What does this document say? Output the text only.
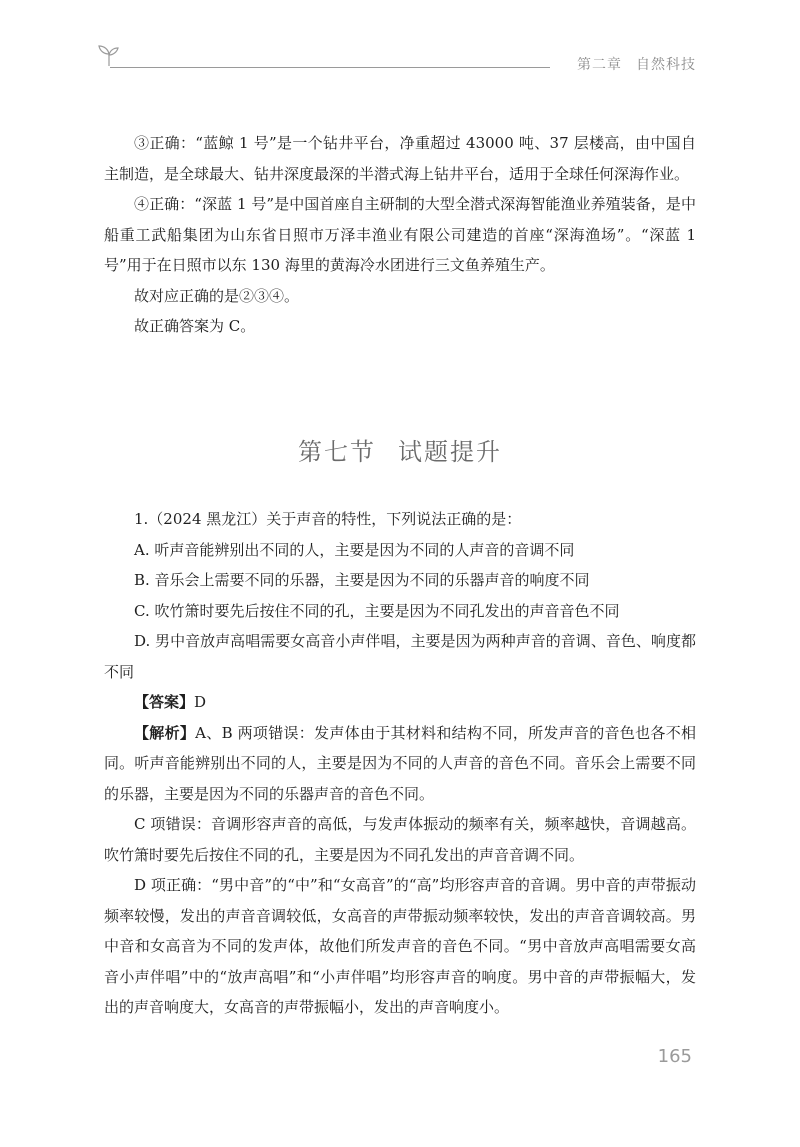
第二章 自然科技

③正确：“蓝鲸 1 号”是一个钻井平台，净重超过 43000 吨、37 层楼高，由中国自主制造，是全球最大、钻井深度最深的半潜式海上钻井平台，适用于全球任何深海作业。

④正确：“深蓝 1 号”是中国首座自主研制的大型全潜式深海智能渔业养殖装备，是中船重工武船集团为山东省日照市万泽丰渔业有限公司建造的首座“深海渔场”。“深蓝 1 号”用于在日照市以东 130 海里的黄海冷水团进行三文鱼养殖生产。

故对应正确的是②③④。

故正确答案为 C。

第七节 试题提升

1.（2024 黑龙江）关于声音的特性，下列说法正确的是：

A. 听声音能辨别出不同的人，主要是因为不同的人声音的音调不同

B. 音乐会上需要不同的乐器，主要是因为不同的乐器声音的响度不同

C. 吹竹箫时要先后按住不同的孔，主要是因为不同孔发出的声音音色不同

D. 男中音放声高唱需要女高音小声伴唱，主要是因为两种声音的音调、音色、响度都不同

【答案】D

【解析】A、B 两项错误：发声体由于其材料和结构不同，所发声音的音色也各不相同。听声音能辨别出不同的人，主要是因为不同的人声音的音色不同。音乐会上需要不同的乐器，主要是因为不同的乐器声音的音色不同。

C 项错误：音调形容声音的高低，与发声体振动的频率有关，频率越快，音调越高。吹竹箫时要先后按住不同的孔，主要是因为不同孔发出的声音音调不同。

D 项正确：“男中音”的“中”和“女高音”的“高”均形容声音的音调。男中音的声带振动频率较慢，发出的声音音调较低，女高音的声带振动频率较快，发出的声音音调较高。男中音和女高音为不同的发声体，故他们所发声音的音色不同。“男中音放声高唱需要女高音小声伴唱”中的“放声高唱”和“小声伴唱”均形容声音的响度。男中音的声带振幅大，发出的声音响度大，女高音的声带振幅小，发出的声音响度小。

165
